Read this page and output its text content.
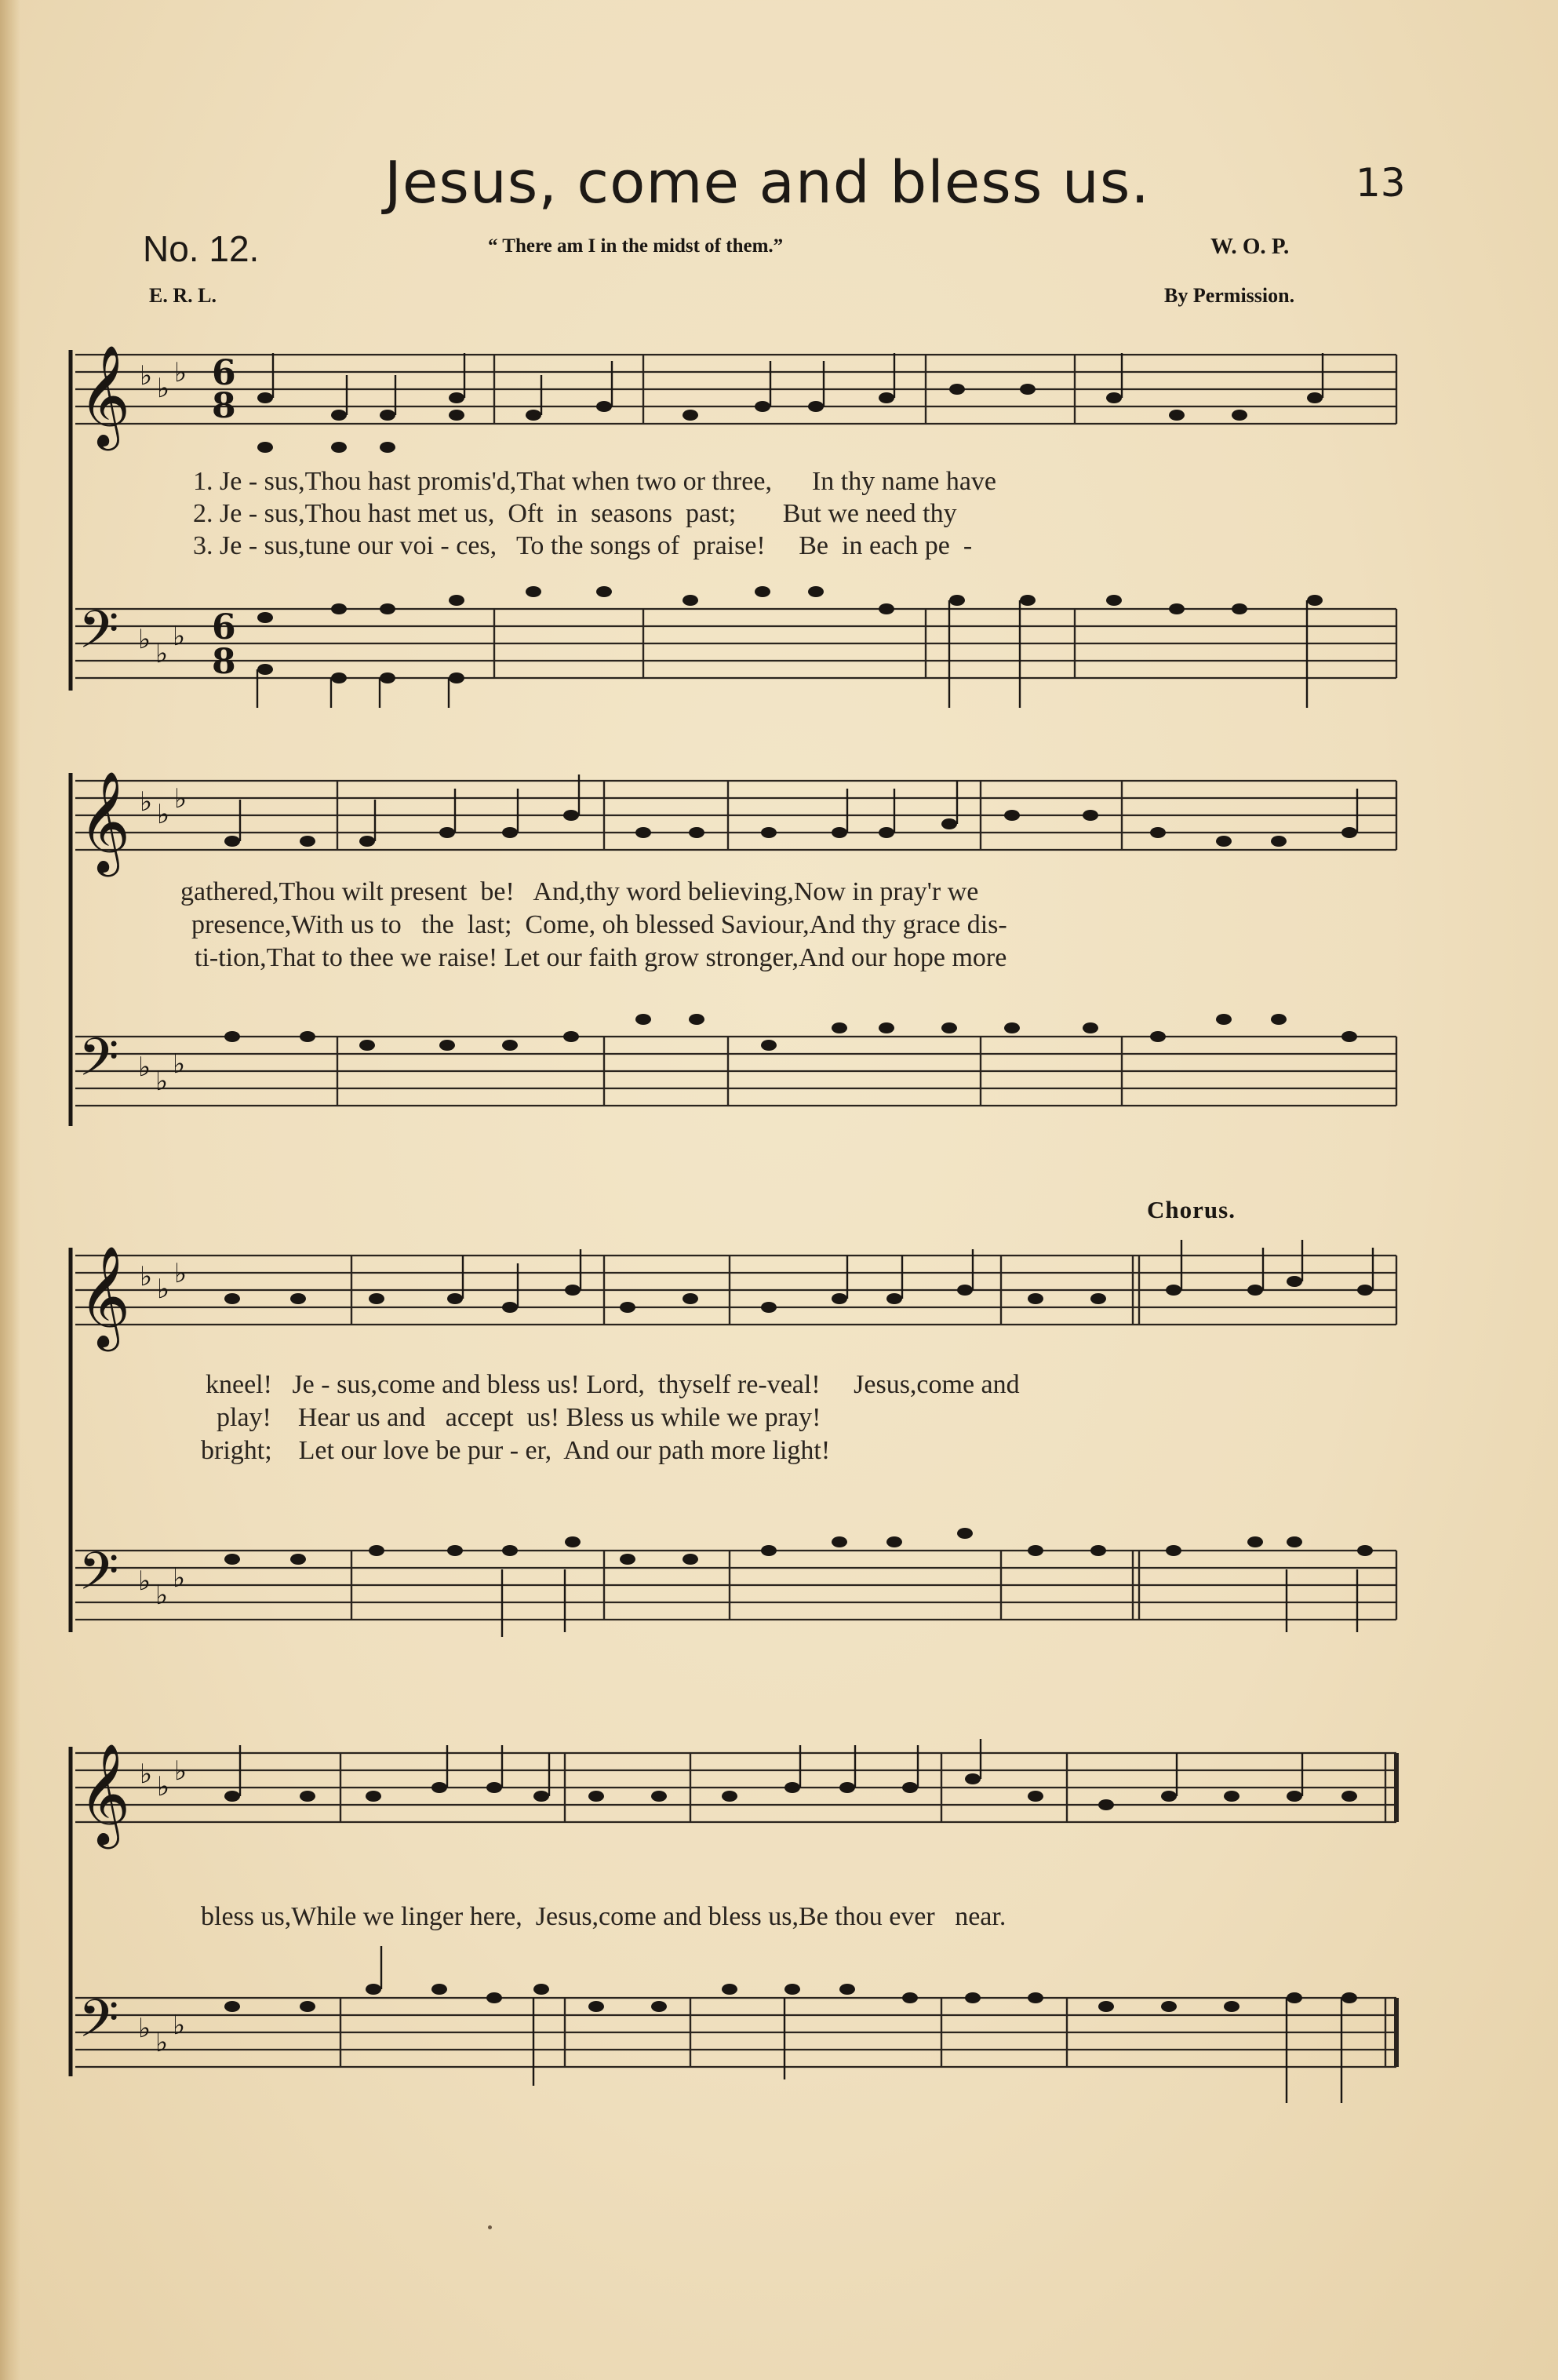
Jesus, come and bless us.	13
No. 12.	“ There am I in the midst of them.”	W. O. P.
E. R. L.	By Permission.
𝄞 ♭ ♭ ♭ 6
8
𝄢 ♭ ♭
♭ 6
8
1. Je - sus,Thou hast promis'd,That when two or three,      In thy name have
2. Je - sus,Thou hast met us,  Oft  in  seasons  past;       But we need thy
3. Je - sus,tune our voi - ces,   To the songs of  praise!     Be  in each pe  -
𝄞 ♭ ♭ ♭
𝄢 ♭ ♭
♭
gathered,Thou wilt present  be!   And,thy word believing,Now in pray'r we
presence,With us to   the  last;  Come, oh blessed Saviour,And thy grace dis-
ti-tion,That to thee we raise! Let our faith grow stronger,And our hope more
Chorus.
𝄞 ♭ ♭ ♭
𝄢 ♭ ♭
♭
kneel!   Je - sus,come and bless us! Lord,  thyself re-veal!     Jesus,come and
play!    Hear us and   accept  us! Bless us while we pray!
bright;    Let our love be pur - er,  And our path more light!
𝄞 ♭ ♭ ♭
𝄢 ♭ ♭
♭
bless us,While we linger here,  Jesus,come and bless us,Be thou ever   near.
